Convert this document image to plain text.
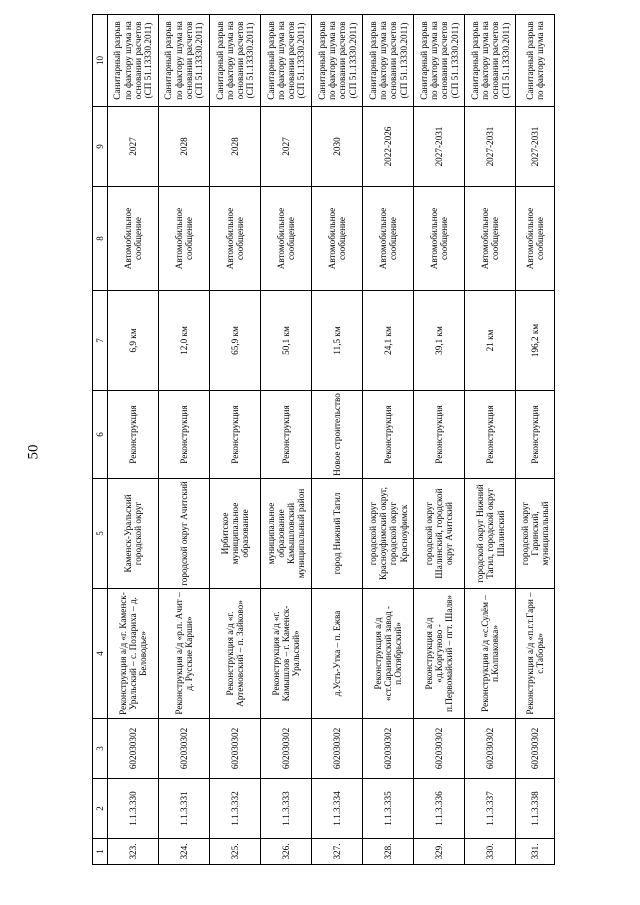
50
1	2	3	4	5	6	7	8	9	10
323.	1.1.3.330	602030302	Реконструкция а/д «г. Каменск-Уральский – с. Позариха – д. Беловодье»	Каменск-Уральский городской округ	Реконструкция	6,9 км	Автомобильное сообщение	2027	Санитарный разрыв по фактору шума на основании расчетов (СП 51.13330.2011)
324.	1.1.3.331	602030302	Реконструкция а/д «р.п. Ачит – д. Русские Карши»	городской округ Ачитский	Реконструкция	12,0 км	Автомобильное сообщение	2028	Санитарный разрыв по фактору шума на основании расчетов (СП 51.13330.2011)
325.	1.1.3.332	602030302	Реконструкция а/д «г. Артемовский – п. Зайково»	Ирбитское муниципальное образование	Реконструкция	65,9 км	Автомобильное сообщение	2028	Санитарный разрыв по фактору шума на основании расчетов (СП 51.13330.2011)
326.	1.1.3.333	602030302	Реконструкция а/д «г. Камышлов – г. Каменск-Уральский»	муниципальное образование Камышловский муниципальный район	Реконструкция	50,1 км	Автомобильное сообщение	2027	Санитарный разрыв по фактору шума на основании расчетов (СП 51.13330.2011)
327.	1.1.3.334	602030302	д.Усть-Утка – п. Ежва	город Нижний Тагил	Новое строительство	11,5 км	Автомобильное сообщение	2030	Санитарный разрыв по фактору шума на основании расчетов (СП 51.13330.2011)
328.	1.1.3.335	602030302	Реконструкция а/д «ст.Саранинский завод - п.Октябрьский»	городской округ Красноуфимский округ, городской округ Красноуфимск	Реконструкция	24,1 км	Автомобильное сообщение	2022-2026	Санитарный разрыв по фактору шума на основании расчетов (СП 51.13330.2011)
329.	1.1.3.336	602030302	Реконструкция а/д «д.Коргуново - п.Первомайский – пгт. Шаля»	городской округ Шалинский, городской округ Ачитский	Реконструкция	39,1 км	Автомобильное сообщение	2027-2031	Санитарный разрыв по фактору шума на основании расчетов (СП 51.13330.2011)
330.	1.1.3.337	602030302	Реконструкция а/д «с.Сулём – п.Колпаковка»	городской округ Нижний Тагил, городской округ Шалинский	Реконструкция	21 км	Автомобильное сообщение	2027-2031	Санитарный разрыв по фактору шума на основании расчетов (СП 51.13330.2011)
331.	1.1.3.338	602030302	Реконструкция а/д «п.г.т.Гари – с.Таборы»	городской округ Гаринский, муниципальный	Реконструкция	196,2 км	Автомобильное сообщение	2027-2031	Санитарный разрыв по фактору шума на
